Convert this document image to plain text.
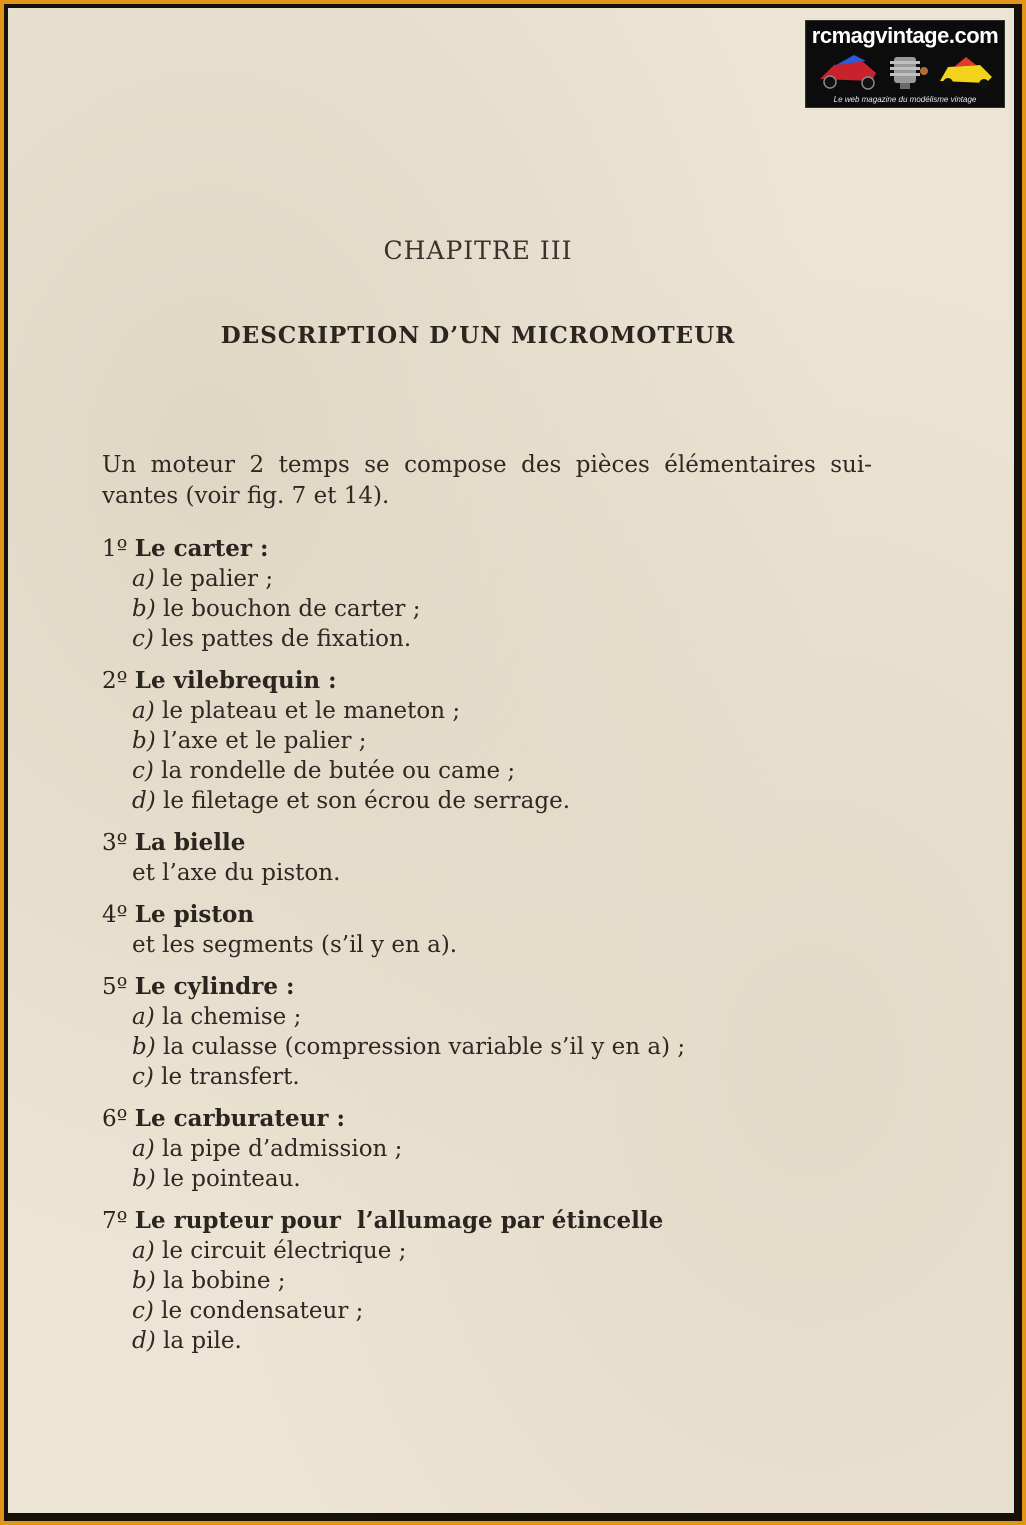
rcmagvintage.com
Le web magazine du modélisme vintage
CHAPITRE III
DESCRIPTION D’UN MICROMOTEUR
Un moteur 2 temps se compose des pièces élémentaires sui-
vantes (voir fig. 7 et 14).
1º Le carter :
a) le palier ;
b) le bouchon de carter ;
c) les pattes de fixation.
2º Le vilebrequin :
a) le plateau et le maneton ;
b) l’axe et le palier ;
c) la rondelle de butée ou came ;
d) le filetage et son écrou de serrage.
3º La bielle
et l’axe du piston.
4º Le piston
et les segments (s’il y en a).
5º Le cylindre :
a) la chemise ;
b) la culasse (compression variable s’il y en a) ;
c) le transfert.
6º Le carburateur :
a) la pipe d’admission ;
b) le pointeau.
7º Le rupteur pour  l’allumage par étincelle
a) le circuit électrique ;
b) la bobine ;
c) le condensateur ;
d) la pile.
